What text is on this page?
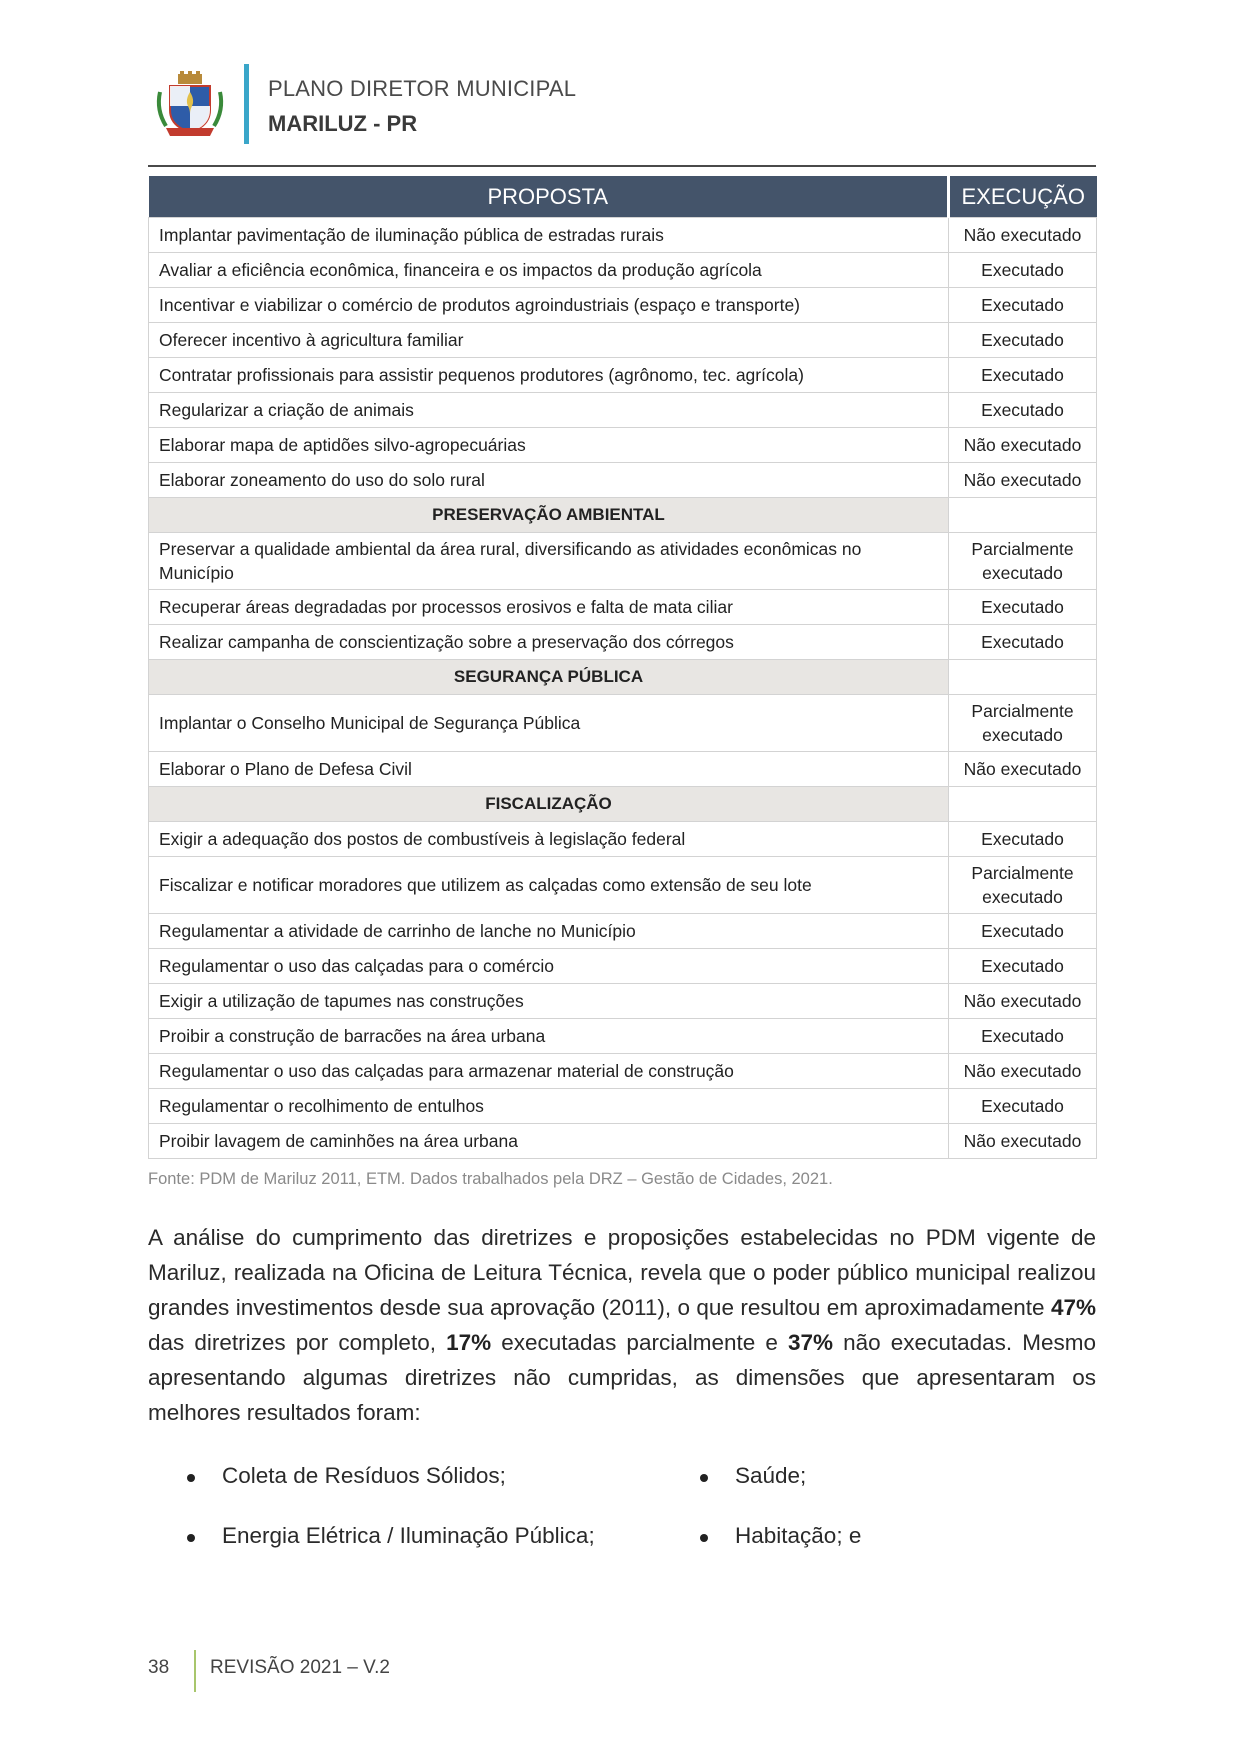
PLANO DIRETOR MUNICIPAL
MARILUZ - PR
PROPOSTA	EXECUÇÃO
Implantar pavimentação de iluminação pública de estradas rurais	Não executado
Avaliar a eficiência econômica, financeira e os impactos da produção agrícola	Executado
Incentivar e viabilizar o comércio de produtos agroindustriais (espaço e transporte)	Executado
Oferecer incentivo à agricultura familiar	Executado
Contratar profissionais para assistir pequenos produtores (agrônomo, tec. agrícola)	Executado
Regularizar a criação de animais	Executado
Elaborar mapa de aptidões silvo-agropecuárias	Não executado
Elaborar zoneamento do uso do solo rural	Não executado
PRESERVAÇÃO AMBIENTAL	
Preservar a qualidade ambiental da área rural, diversificando as atividades econômicas no Município	Parcialmente
executado
Recuperar áreas degradadas por processos erosivos e falta de mata ciliar	Executado
Realizar campanha de conscientização sobre a preservação dos córregos	Executado
SEGURANÇA PÚBLICA	
Implantar o Conselho Municipal de Segurança Pública	Parcialmente
executado
Elaborar o Plano de Defesa Civil	Não executado
FISCALIZAÇÃO	
Exigir a adequação dos postos de combustíveis à legislação federal	Executado
Fiscalizar e notificar moradores que utilizem as calçadas como extensão de seu lote	Parcialmente
executado
Regulamentar a atividade de carrinho de lanche no Município	Executado
Regulamentar o uso das calçadas para o comércio	Executado
Exigir a utilização de tapumes nas construções	Não executado
Proibir a construção de barracões na área urbana	Executado
Regulamentar o uso das calçadas para armazenar material de construção	Não executado
Regulamentar o recolhimento de entulhos	Executado
Proibir lavagem de caminhões na área urbana	Não executado
Fonte: PDM de Mariluz 2011, ETM. Dados trabalhados pela DRZ – Gestão de Cidades, 2021.
A análise do cumprimento das diretrizes e proposições estabelecidas no PDM vigente de Mariluz, realizada na Oficina de Leitura Técnica, revela que o poder público municipal realizou grandes investimentos desde sua aprovação (2011), o que resultou em aproximadamente 47% das diretrizes por completo, 17% executadas parcialmente e 37% não executadas. Mesmo apresentando algumas diretrizes não cumpridas, as dimensões que apresentaram os melhores resultados foram:
Coleta de Resíduos Sólidos;	Saúde;
Energia Elétrica / Iluminação Pública;	Habitação; e
38 REVISÃO 2021 – V.2
